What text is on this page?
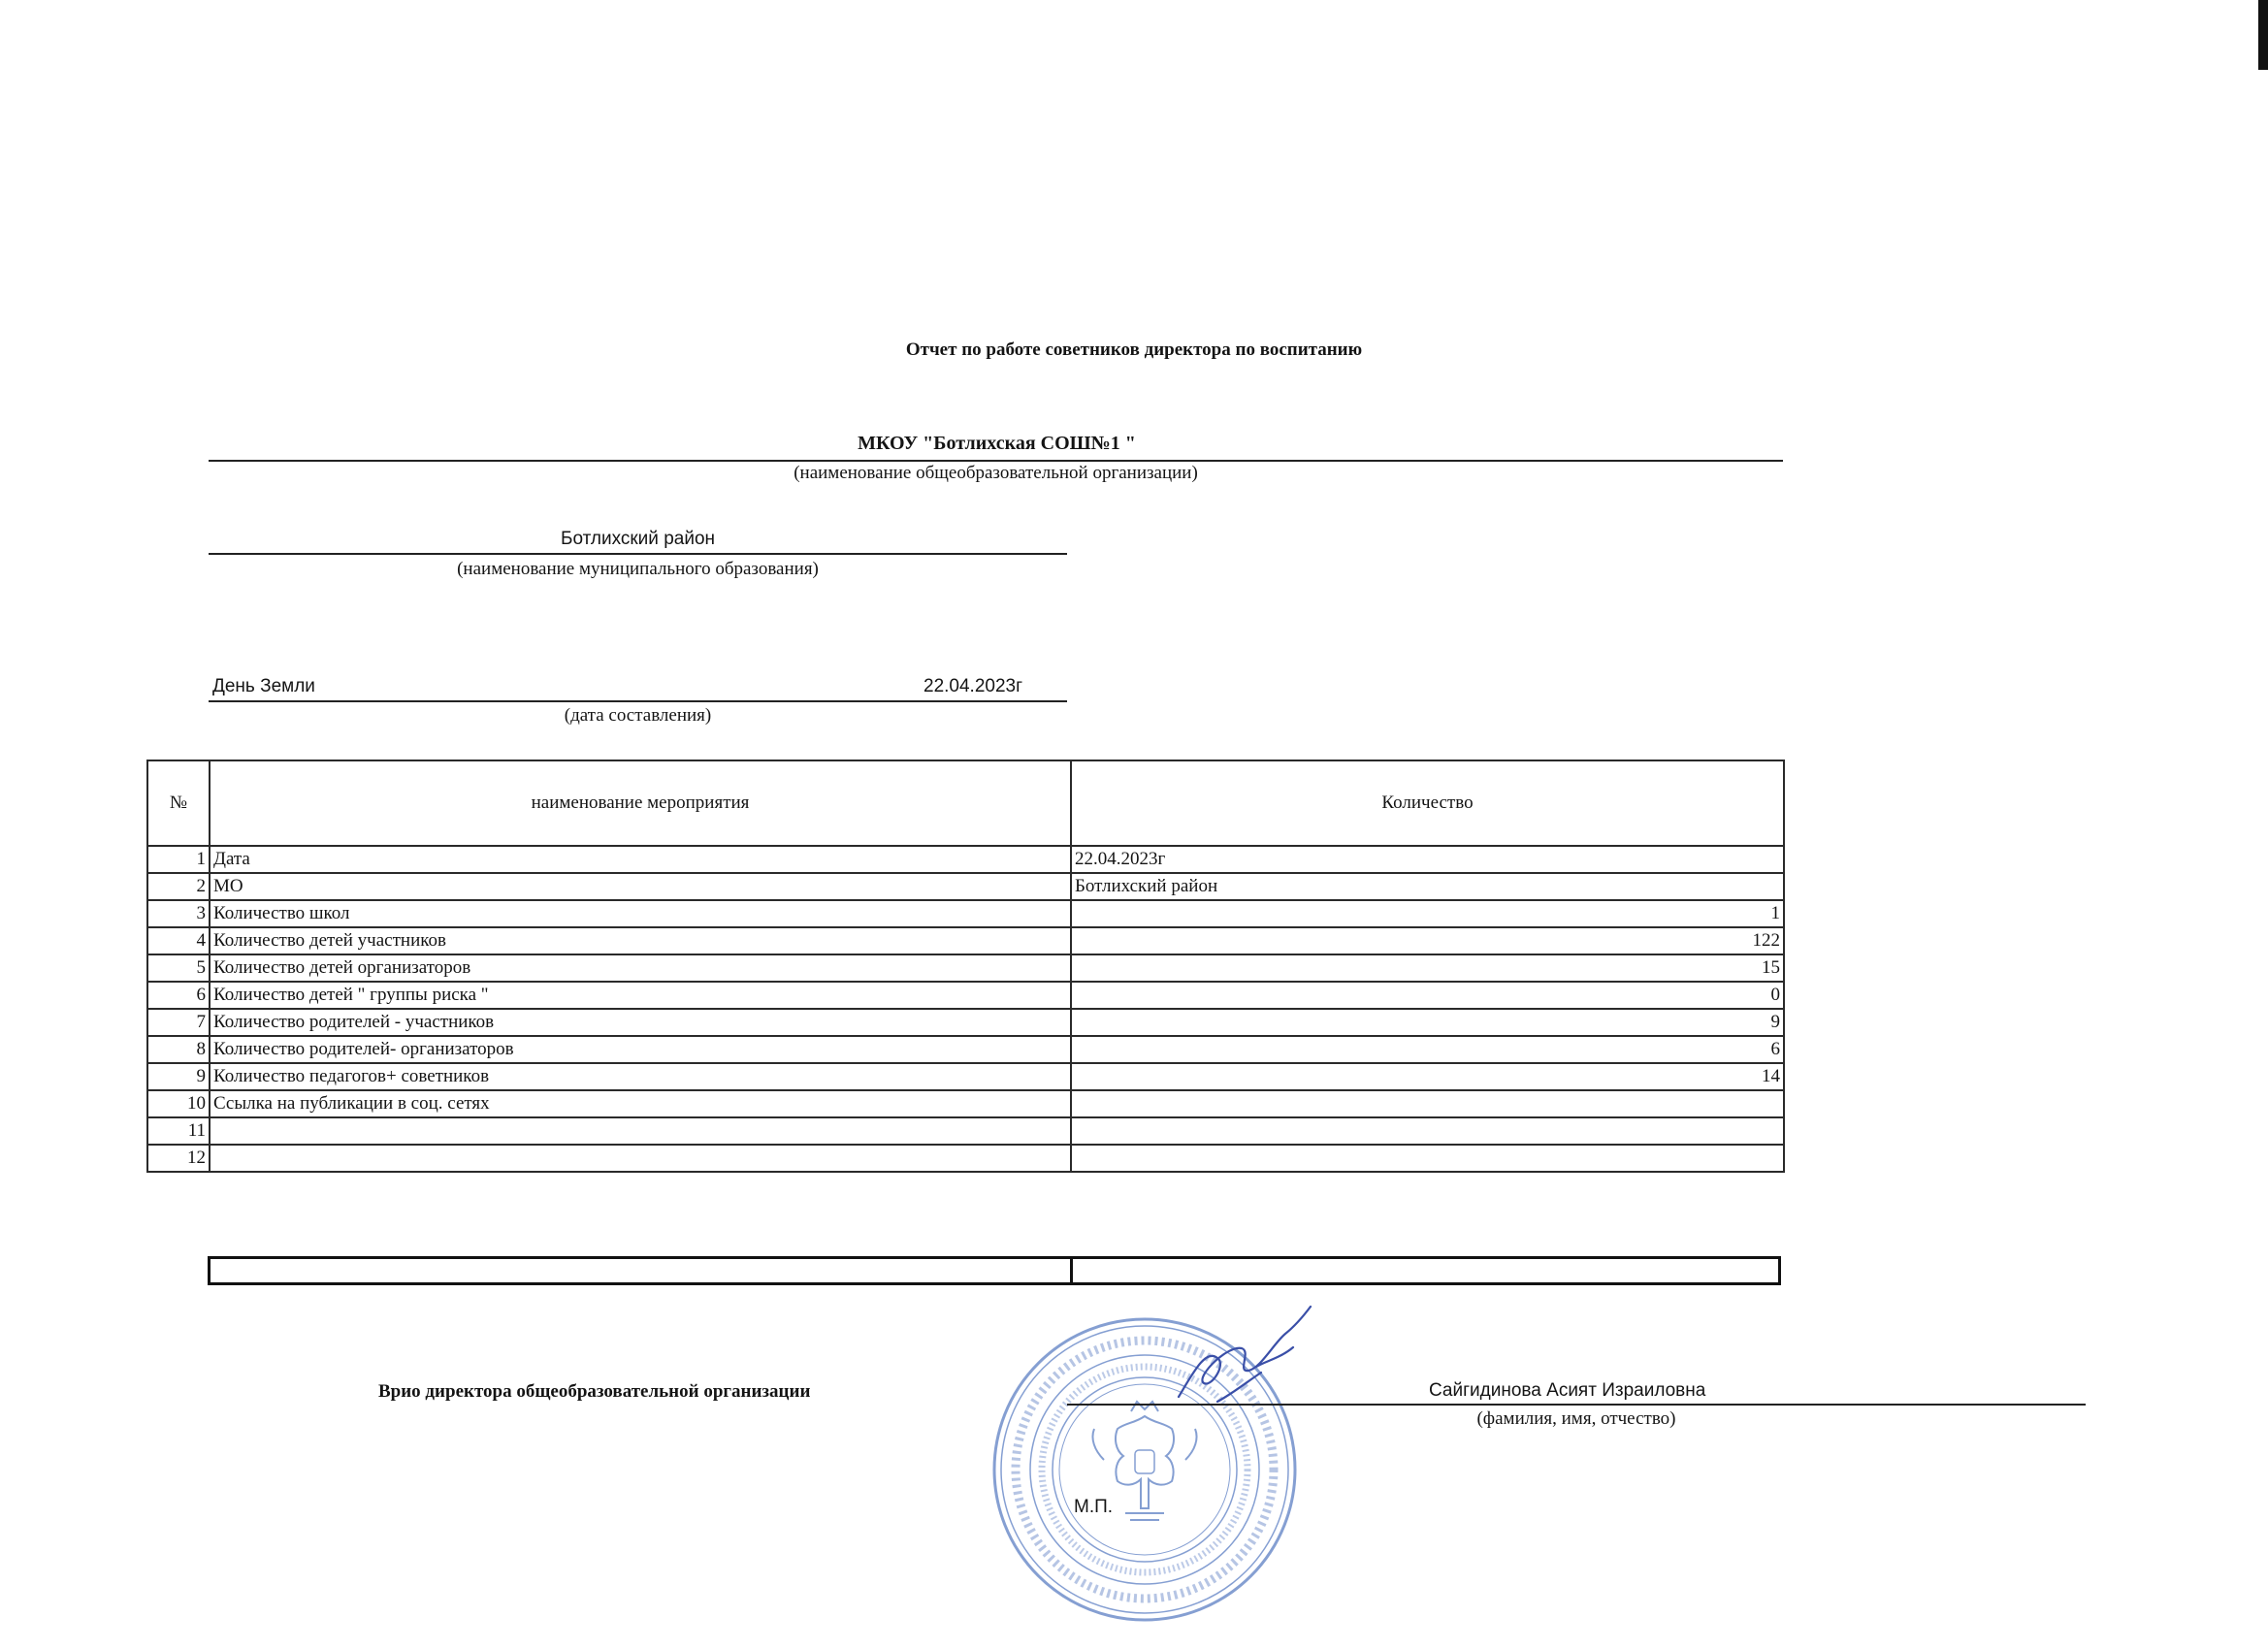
Отчет по работе советников директора по воспитанию
МКОУ "Ботлихская СОШ№1 "
(наименование общеобразовательной организации)
Ботлихский район
(наименование муниципального образования)
День Земли	22.04.2023г
(дата составления)
№	наименование мероприятия	Количество
1	Дата	22.04.2023г
2	МО	Ботлихский район
3	Количество школ	1
4	Количество детей участников	122
5	Количество детей организаторов	15
6	Количество детей " группы риска "	0
7	Количество родителей - участников	9
8	Количество родителей- организаторов	6
9	Количество педагогов+ советников	14
10	Ссылка на публикации в соц. сетях	
11		
12		
Врио директора общеобразовательной организации	Сайгидинова Асият Израиловна
(фамилия, имя, отчество)
М.П.
